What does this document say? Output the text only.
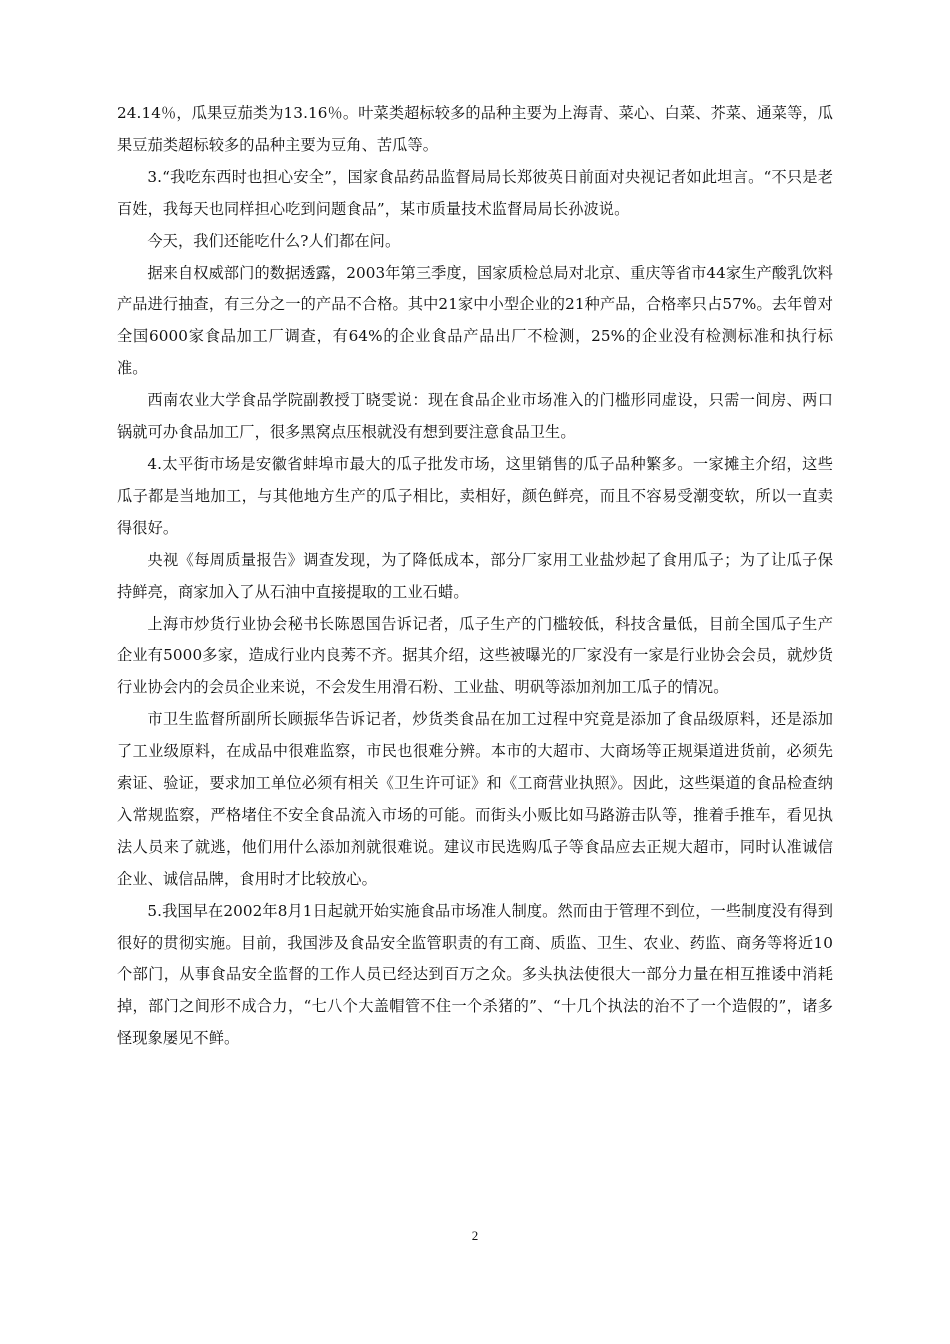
24.14％，瓜果豆茄类为13.16％。叶菜类超标较多的品种主要为上海青、菜心、白菜、芥菜、通菜等，瓜果豆茄类超标较多的品种主要为豆角、苦瓜等。

3.“我吃东西时也担心安全”，国家食品药品监督局局长郑彼英日前面对央视记者如此坦言。“不只是老百姓，我每天也同样担心吃到问题食品”，某市质量技术监督局局长孙波说。

今天，我们还能吃什么?人们都在问。

据来自权威部门的数据透露，2003年第三季度，国家质检总局对北京、重庆等省市44家生产酸乳饮料产品进行抽查，有三分之一的产品不合格。其中21家中小型企业的21种产品，合格率只占57%。去年曾对全国6000家食品加工厂调查，有64%的企业食品产品出厂不检测，25%的企业没有检测标准和执行标准。

西南农业大学食品学院副教授丁晓雯说：现在食品企业市场准入的门槛形同虚设，只需一间房、两口锅就可办食品加工厂，很多黑窝点压根就没有想到要注意食品卫生。

4.太平街市场是安徽省蚌埠市最大的瓜子批发市场，这里销售的瓜子品种繁多。一家摊主介绍，这些瓜子都是当地加工，与其他地方生产的瓜子相比，卖相好，颜色鲜亮，而且不容易受潮变软，所以一直卖得很好。

央视《每周质量报告》调查发现，为了降低成本，部分厂家用工业盐炒起了食用瓜子；为了让瓜子保持鲜亮，商家加入了从石油中直接提取的工业石蜡。

上海市炒货行业协会秘书长陈恩国告诉记者，瓜子生产的门槛较低，科技含量低，目前全国瓜子生产企业有5000多家，造成行业内良莠不齐。据其介绍，这些被曝光的厂家没有一家是行业协会会员，就炒货行业协会内的会员企业来说，不会发生用滑石粉、工业盐、明矾等添加剂加工瓜子的情况。

市卫生监督所副所长顾振华告诉记者，炒货类食品在加工过程中究竟是添加了食品级原料，还是添加了工业级原料，在成品中很难监察，市民也很难分辨。本市的大超市、大商场等正规渠道进货前，必须先索证、验证，要求加工单位必须有相关《卫生许可证》和《工商营业执照》。因此，这些渠道的食品检查纳入常规监察，严格堵住不安全食品流入市场的可能。而街头小贩比如马路游击队等，推着手推车，看见执法人员来了就逃，他们用什么添加剂就很难说。建议市民选购瓜子等食品应去正规大超市，同时认准诚信企业、诚信品牌，食用时才比较放心。

5.我国早在2002年8月1日起就开始实施食品市场准人制度。然而由于管理不到位，一些制度没有得到很好的贯彻实施。目前，我国涉及食品安全监管职责的有工商、质监、卫生、农业、药监、商务等将近10个部门，从事食品安全监督的工作人员已经达到百万之众。多头执法使很大一部分力量在相互推诿中消耗掉，部门之间形不成合力，“七八个大盖帽管不住一个杀猪的”、“十几个执法的治不了一个造假的”，诸多怪现象屡见不鲜。

2
